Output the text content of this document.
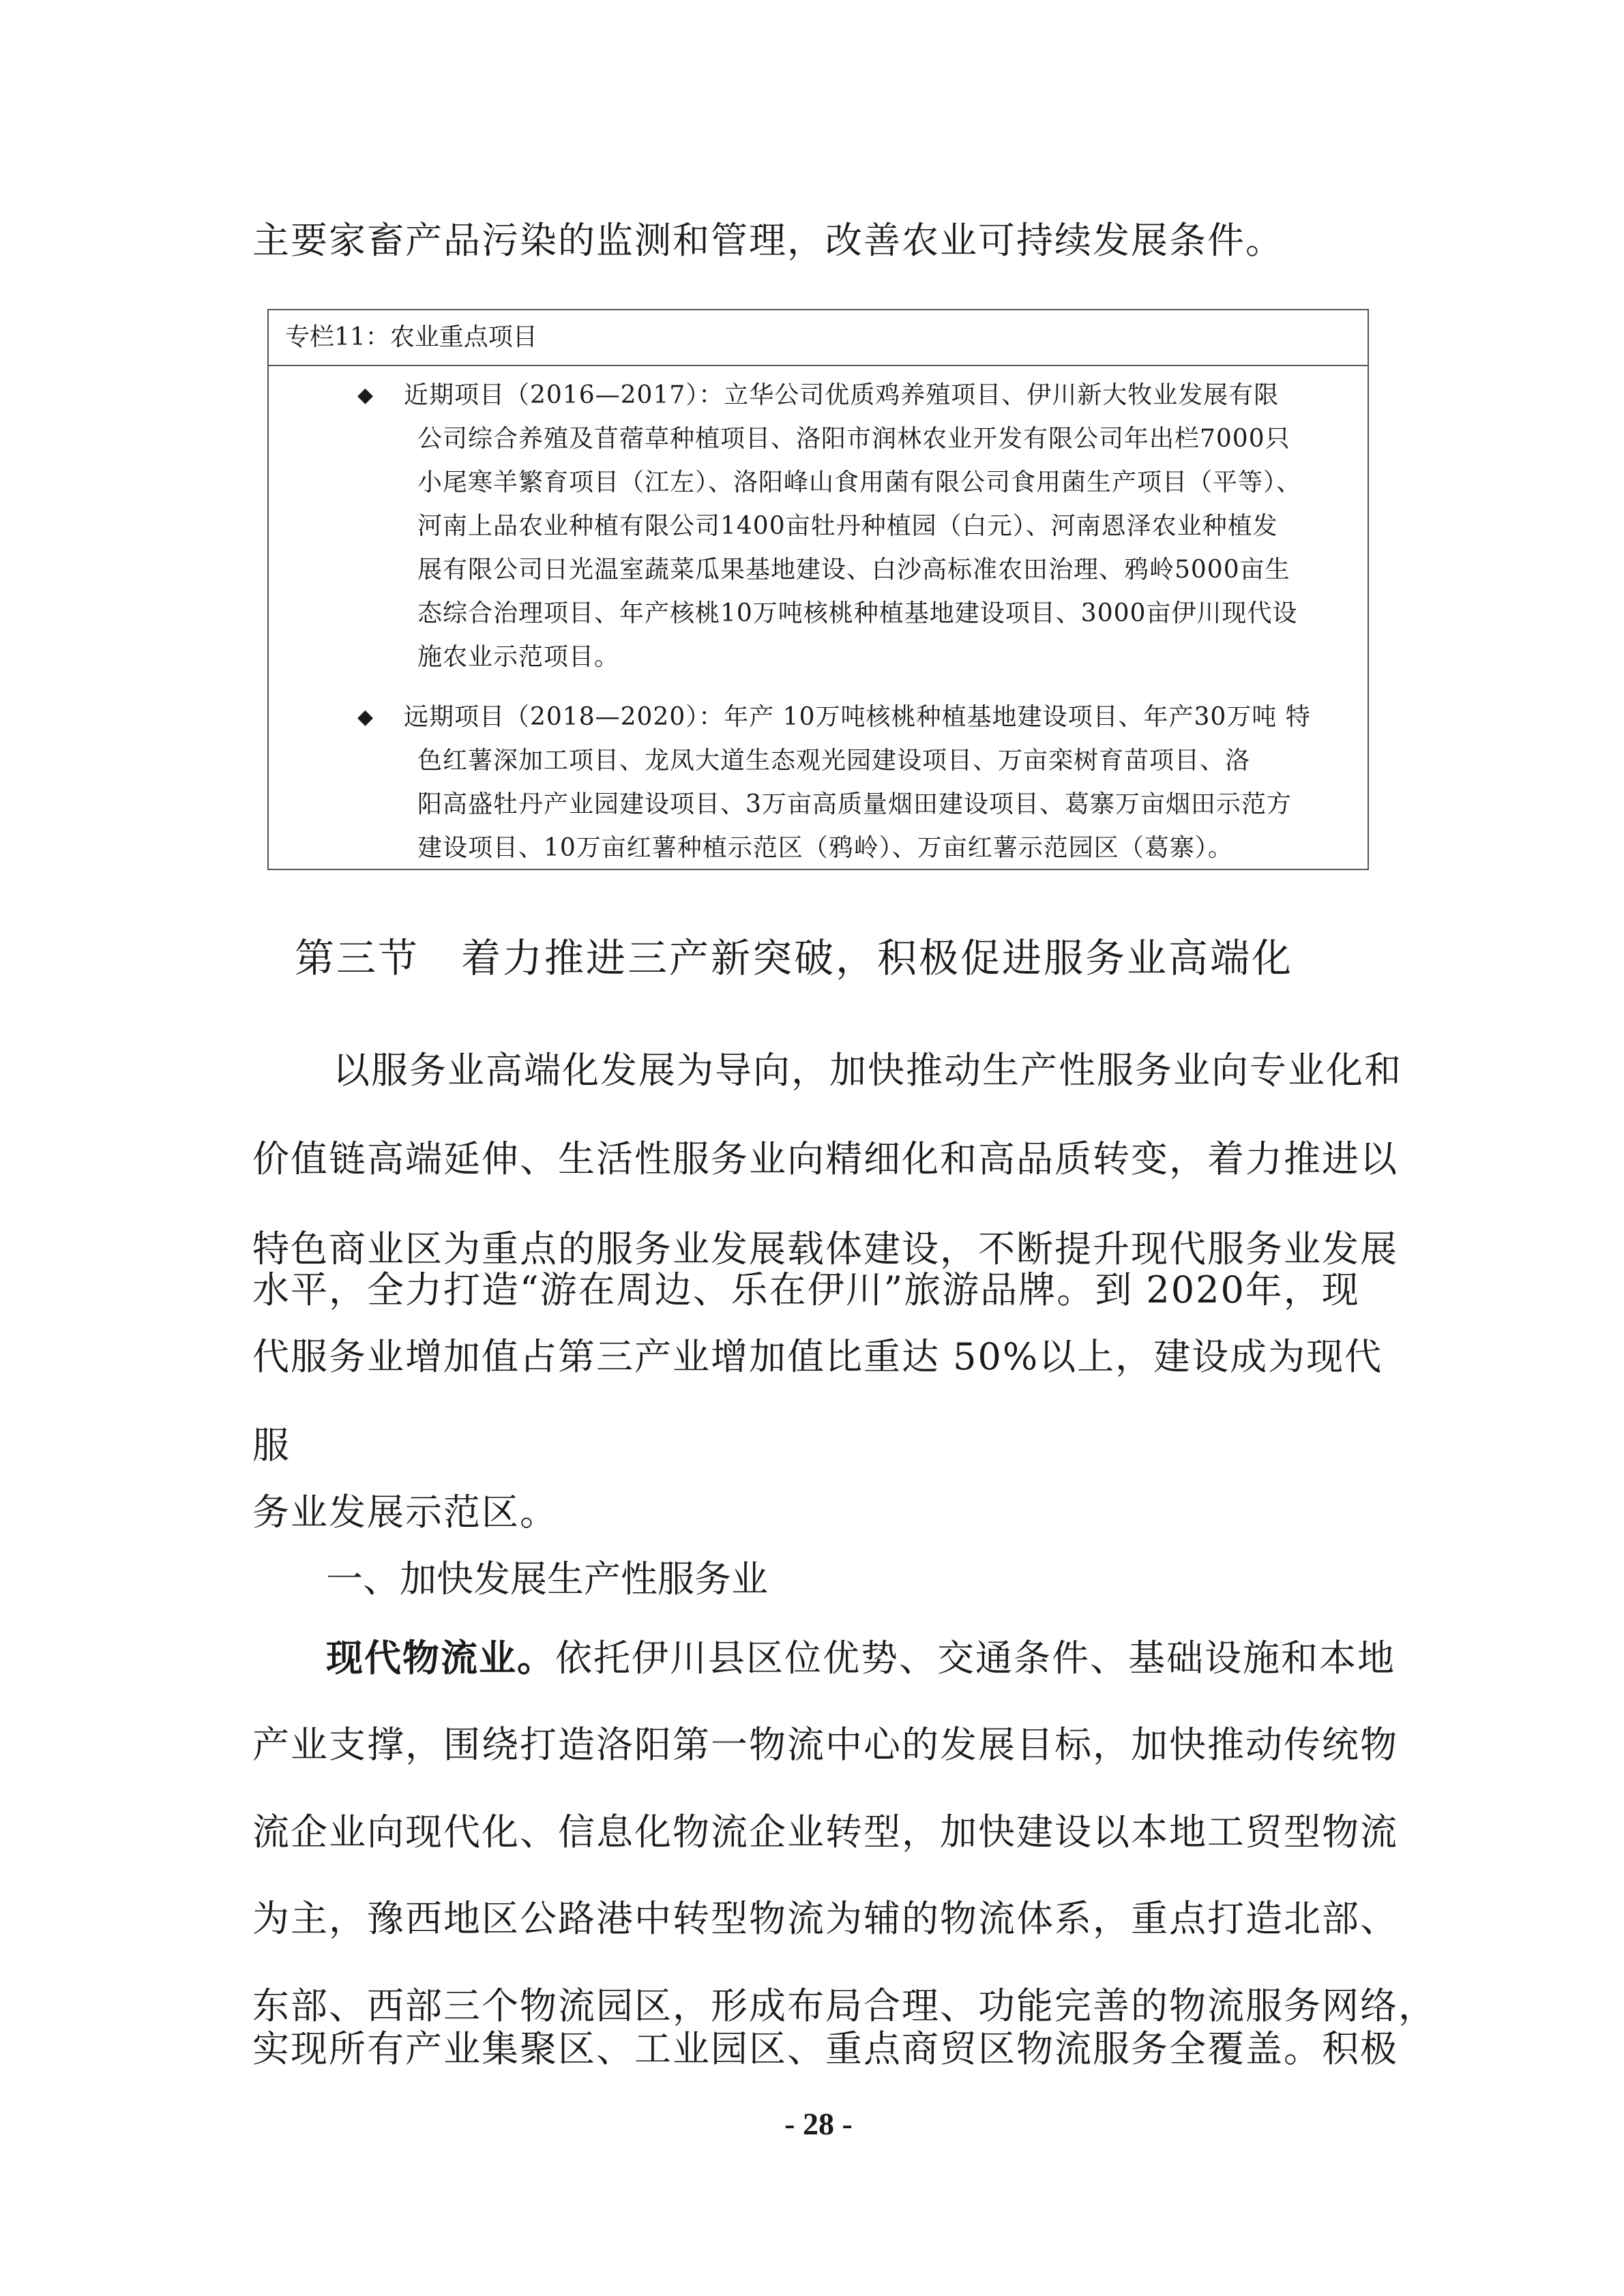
主要家畜产品污染的监测和管理，改善农业可持续发展条件。
专栏11：农业重点项目
◆ 近期项目（2016—2017）：立华公司优质鸡养殖项目、伊川新大牧业发展有限
公司综合养殖及苜蓿草种植项目、洛阳市润林农业开发有限公司年出栏7000只
小尾寒羊繁育项目（江左）、洛阳峰山食用菌有限公司食用菌生产项目（平等）、
河南上品农业种植有限公司1400亩牡丹种植园（白元）、河南恩泽农业种植发
展有限公司日光温室蔬菜瓜果基地建设、白沙高标准农田治理、鸦岭5000亩生
态综合治理项目、年产核桃10万吨核桃种植基地建设项目、3000亩伊川现代设
施农业示范项目。
◆ 远期项目（2018—2020）：年产 10万吨核桃种植基地建设项目、年产30万吨 特
色红薯深加工项目、龙凤大道生态观光园建设项目、万亩栾树育苗项目、洛
阳高盛牡丹产业园建设项目、3万亩高质量烟田建设项目、葛寨万亩烟田示范方
建设项目、10万亩红薯种植示范区（鸦岭）、万亩红薯示范园区（葛寨）。
第三节　着力推进三产新突破，积极促进服务业高端化
以服务业高端化发展为导向，加快推动生产性服务业向专业化和
价值链高端延伸、生活性服务业向精细化和高品质转变，着力推进以
特色商业区为重点的服务业发展载体建设，不断提升现代服务业发展
水平，全力打造“游在周边、乐在伊川”旅游品牌。到 2020年，现
代服务业增加值占第三产业增加值比重达 50%以上，建设成为现代
服
务业发展示范区。
一、加快发展生产性服务业
现代物流业。依托伊川县区位优势、交通条件、基础设施和本地
产业支撑，围绕打造洛阳第一物流中心的发展目标，加快推动传统物
流企业向现代化、信息化物流企业转型，加快建设以本地工贸型物流
为主，豫西地区公路港中转型物流为辅的物流体系，重点打造北部、
东部、西部三个物流园区，形成布局合理、功能完善的物流服务网络，
实现所有产业集聚区、工业园区、重点商贸区物流服务全覆盖。积极
- 28 -
